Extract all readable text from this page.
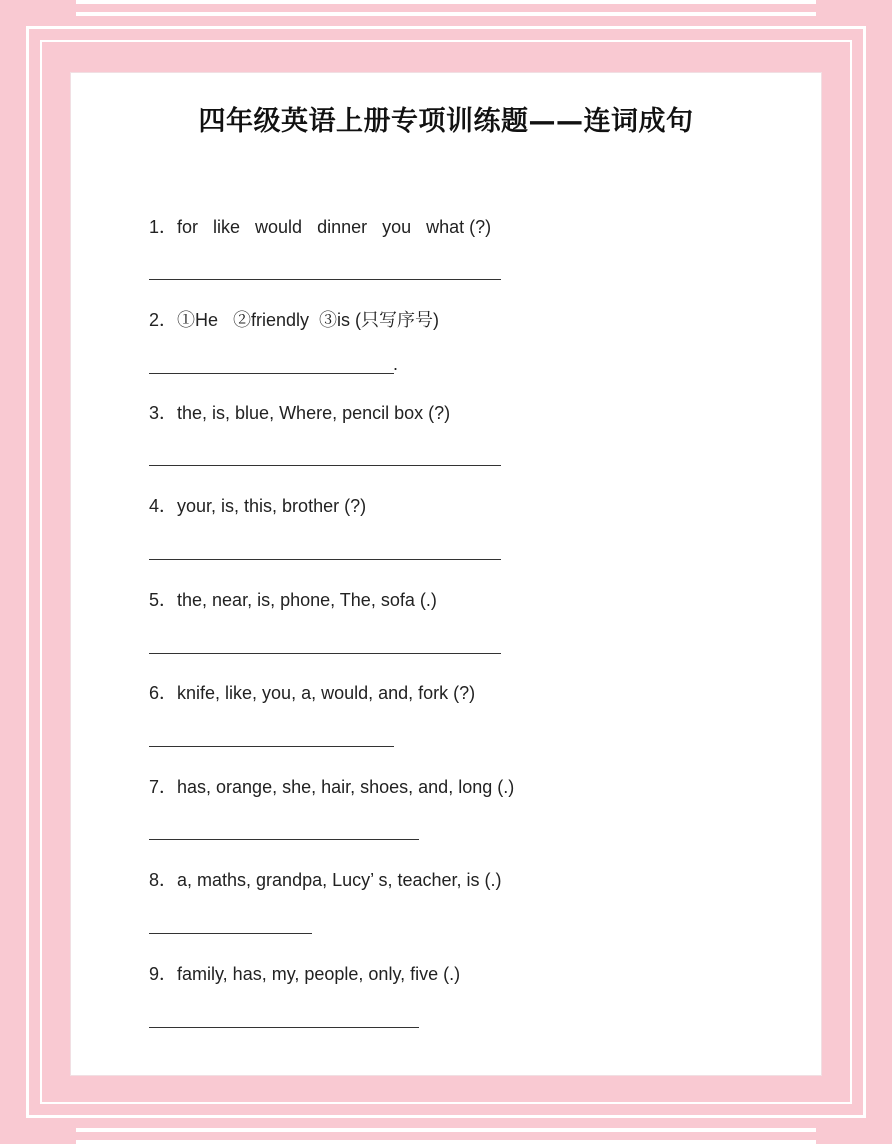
四年级英语上册专项训练题——连词成句
1．for   like   would   dinner   you   what (?)
2．①He   ②friendly  ③is (只写序号)
.
3．the, is, blue, Where, pencil box (?)
4．your, is, this, brother (?)
5．the, near, is, phone, The, sofa (.)
6．knife, like, you, a, would, and, fork (?)
7．has, orange, she, hair, shoes, and, long (.)
8．a, maths, grandpa, Lucy’ s, teacher, is (.)
9．family, has, my, people, only, five (.)
